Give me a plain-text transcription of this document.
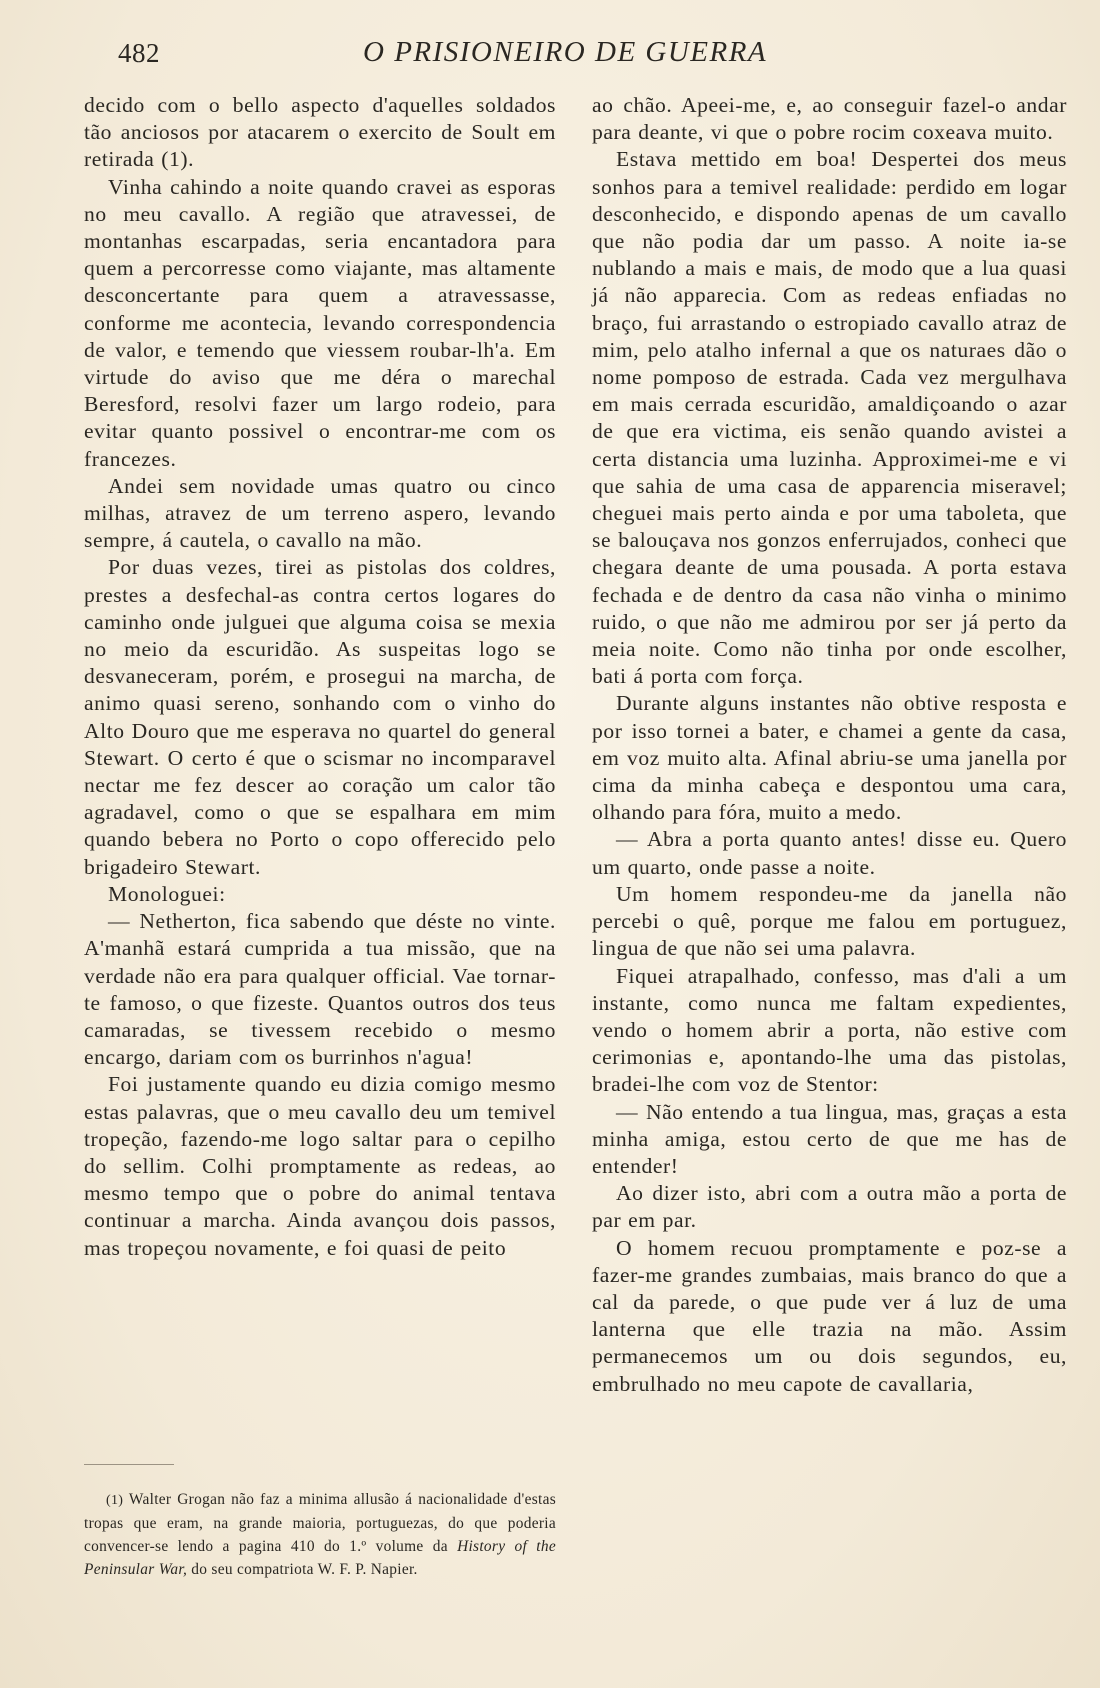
482	O PRISIONEIRO DE GUERRA

decido com o bello aspecto d'aquelles soldados tão anciosos por atacarem o exercito de Soult em retirada (1).

Vinha cahindo a noite quando cravei as esporas no meu cavallo. A região que atravessei, de montanhas escarpadas, seria encantadora para quem a percorresse como viajante, mas altamente desconcertante para quem a atravessasse, conforme me acontecia, levando correspondencia de valor, e temendo que viessem roubar-lh'a. Em virtude do aviso que me déra o marechal Beresford, resolvi fazer um largo rodeio, para evitar quanto possivel o encontrar-me com os francezes.

Andei sem novidade umas quatro ou cinco milhas, atravez de um terreno aspero, levando sempre, á cautela, o cavallo na mão.

Por duas vezes, tirei as pistolas dos coldres, prestes a desfechal-as contra certos logares do caminho onde julguei que alguma coisa se mexia no meio da escuridão. As suspeitas logo se desvaneceram, porém, e prosegui na marcha, de animo quasi sereno, sonhando com o vinho do Alto Douro que me esperava no quartel do general Stewart. O certo é que o scismar no incomparavel nectar me fez descer ao coração um calor tão agradavel, como o que se espalhara em mim quando bebera no Porto o copo offerecido pelo brigadeiro Stewart.

Monologuei:

— Netherton, fica sabendo que déste no vinte. A'manhã estará cumprida a tua missão, que na verdade não era para qualquer official. Vae tornar-te famoso, o que fizeste. Quantos outros dos teus camaradas, se tivessem recebido o mesmo encargo, dariam com os burrinhos n'agua!

Foi justamente quando eu dizia comigo mesmo estas palavras, que o meu cavallo deu um temivel tropeção, fazendo-me logo saltar para o cepilho do sellim. Colhi promptamente as redeas, ao mesmo tempo que o pobre do animal tentava continuar a marcha. Ainda avançou dois passos, mas tropeçou novamente, e foi quasi de peito

ao chão. Apeei-me, e, ao conseguir fazel-o andar para deante, vi que o pobre rocim coxeava muito.

Estava mettido em boa! Despertei dos meus sonhos para a temivel realidade: perdido em logar desconhecido, e dispondo apenas de um cavallo que não podia dar um passo. A noite ia-se nublando a mais e mais, de modo que a lua quasi já não apparecia. Com as redeas enfiadas no braço, fui arrastando o estropiado cavallo atraz de mim, pelo atalho infernal a que os naturaes dão o nome pomposo de estrada. Cada vez mergulhava em mais cerrada escuridão, amaldiçoando o azar de que era victima, eis senão quando avistei a certa distancia uma luzinha. Approximei-me e vi que sahia de uma casa de apparencia miseravel; cheguei mais perto ainda e por uma taboleta, que se balouçava nos gonzos enferrujados, conheci que chegara deante de uma pousada. A porta estava fechada e de dentro da casa não vinha o minimo ruido, o que não me admirou por ser já perto da meia noite. Como não tinha por onde escolher, bati á porta com força.

Durante alguns instantes não obtive resposta e por isso tornei a bater, e chamei a gente da casa, em voz muito alta. Afinal abriu-se uma janella por cima da minha cabeça e despontou uma cara, olhando para fóra, muito a medo.

— Abra a porta quanto antes! disse eu. Quero um quarto, onde passe a noite.

Um homem respondeu-me da janella não percebi o quê, porque me falou em portuguez, lingua de que não sei uma palavra.

Fiquei atrapalhado, confesso, mas d'ali a um instante, como nunca me faltam expedientes, vendo o homem abrir a porta, não estive com cerimonias e, apontando-lhe uma das pistolas, bradei-lhe com voz de Stentor:

— Não entendo a tua lingua, mas, graças a esta minha amiga, estou certo de que me has de entender!

Ao dizer isto, abri com a outra mão a porta de par em par.

O homem recuou promptamente e poz-se a fazer-me grandes zumbaias, mais branco do que a cal da parede, o que pude ver á luz de uma lanterna que elle trazia na mão. Assim permanecemos um ou dois segundos, eu, embrulhado no meu capote de cavallaria,

(1) Walter Grogan não faz a minima allusão á nacionalidade d'estas tropas que eram, na grande maioria, portuguezas, do que poderia convencer-se lendo a pagina 410 do 1.º volume da History of the Peninsular War, do seu compatriota W. F. P. Napier.
